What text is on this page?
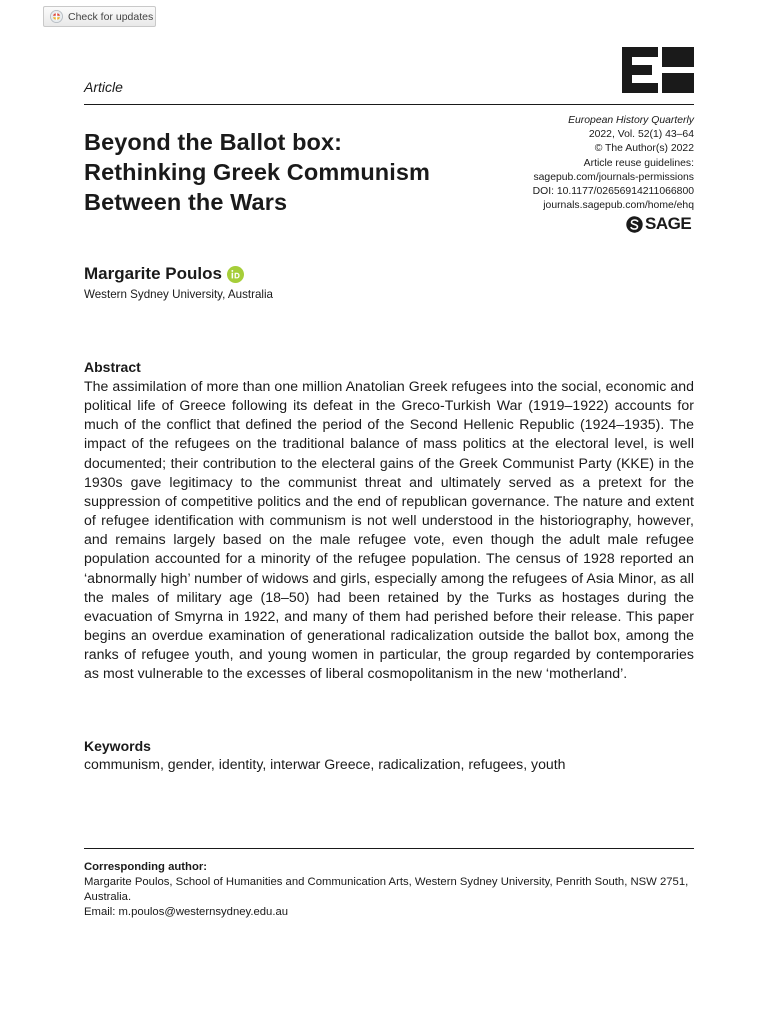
Check for updates
Article
Beyond the Ballot box:
Rethinking Greek Communism
Between the Wars
European History Quarterly
2022, Vol. 52(1) 43–64
© The Author(s) 2022
Article reuse guidelines:
sagepub.com/journals-permissions
DOI: 10.1177/02656914211066800
journals.sagepub.com/home/ehq
SAGE
Margarite Poulos
Western Sydney University, Australia
Abstract

The assimilation of more than one million Anatolian Greek refugees into the social, economic and political life of Greece following its defeat in the Greco-Turkish War (1919–1922) accounts for much of the conflict that defined the period of the Second Hellenic Republic (1924–1935). The impact of the refugees on the traditional balance of mass politics at the electoral level, is well documented; their contribution to the electeral gains of the Greek Communist Party (KKE) in the 1930s gave legitimacy to the communist threat and ultimately served as a pretext for the suppression of competitive politics and the end of republican governance. The nature and extent of refugee identification with communism is not well understood in the historiography, however, and remains largely based on the male refugee vote, even though the adult male refugee population accounted for a minority of the refugee population. The census of 1928 reported an ‘abnormally high’ number of widows and girls, especially among the refugees of Asia Minor, as all the males of military age (18–50) had been retained by the Turks as hostages during the evacuation of Smyrna in 1922, and many of them had perished before their release. This paper begins an overdue examination of generational radicalization outside the ballot box, among the ranks of refugee youth, and young women in particular, the group regarded by contemporaries as most vulnerable to the excesses of liberal cosmopolitanism in the new ‘motherland’.

Keywords
communism, gender, identity, interwar Greece, radicalization, refugees, youth

Corresponding author:

Margarite Poulos, School of Humanities and Communication Arts, Western Sydney University, Penrith South, NSW 2751, Australia.

Email: m.poulos@westernsydney.edu.au
